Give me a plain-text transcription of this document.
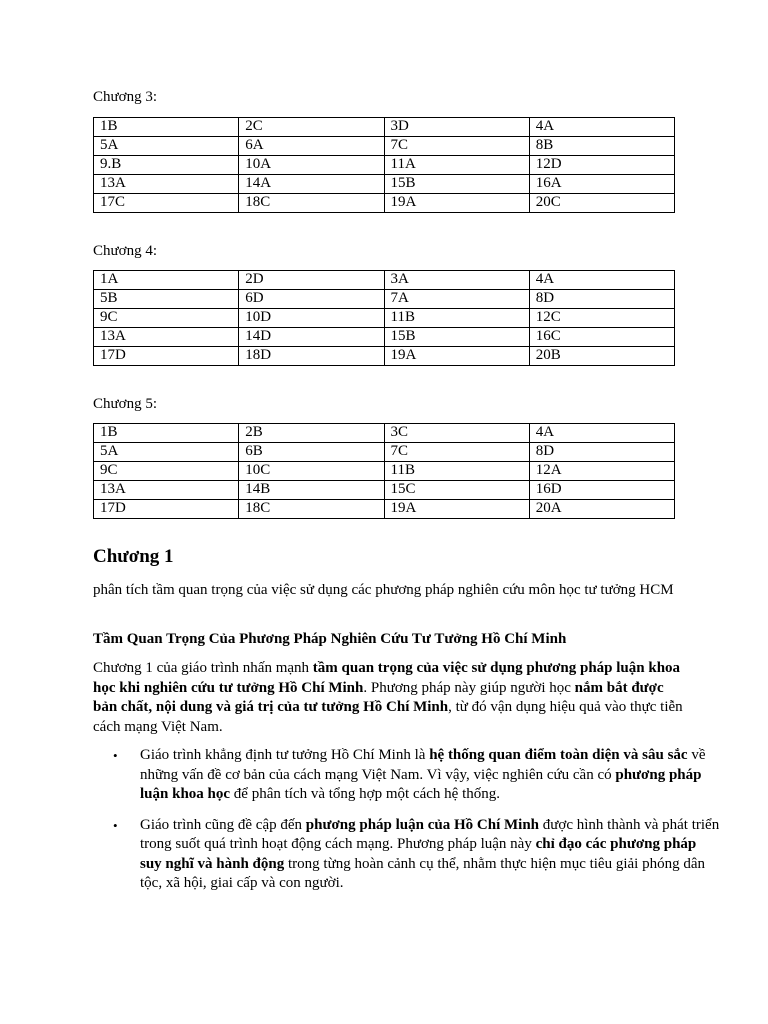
Chương 3:
1B	2C	3D	4A
5A	6A	7C	8B
9.B	10A	11A	12D
13A	14A	15B	16A
17C	18C	19A	20C
Chương 4:
1A	2D	3A	4A
5B	6D	7A	8D
9C	10D	11B	12C
13A	14D	15B	16C
17D	18D	19A	20B
Chương 5:
1B	2B	3C	4A
5A	6B	7C	8D
9C	10C	11B	12A
13A	14B	15C	16D
17D	18C	19A	20A
Chương 1

phân tích tầm quan trọng của việc sử dụng các phương pháp nghiên cứu môn học tư tưởng HCM

Tầm Quan Trọng Của Phương Pháp Nghiên Cứu Tư Tưởng Hồ Chí Minh

Chương 1 của giáo trình nhấn mạnh tầm quan trọng của việc sử dụng phương pháp luận khoa học khi nghiên cứu tư tưởng Hồ Chí Minh. Phương pháp này giúp người học nắm bắt được bản chất, nội dung và giá trị của tư tưởng Hồ Chí Minh, từ đó vận dụng hiệu quả vào thực tiễn cách mạng Việt Nam.

• Giáo trình khẳng định tư tưởng Hồ Chí Minh là hệ thống quan điểm toàn diện và sâu sắc về những vấn đề cơ bản của cách mạng Việt Nam. Vì vậy, việc nghiên cứu cần có phương pháp luận khoa học để phân tích và tổng hợp một cách hệ thống.
• Giáo trình cũng đề cập đến phương pháp luận của Hồ Chí Minh được hình thành và phát triển trong suốt quá trình hoạt động cách mạng. Phương pháp luận này chỉ đạo các phương pháp suy nghĩ và hành động trong từng hoàn cảnh cụ thể, nhằm thực hiện mục tiêu giải phóng dân tộc, xã hội, giai cấp và con người.
